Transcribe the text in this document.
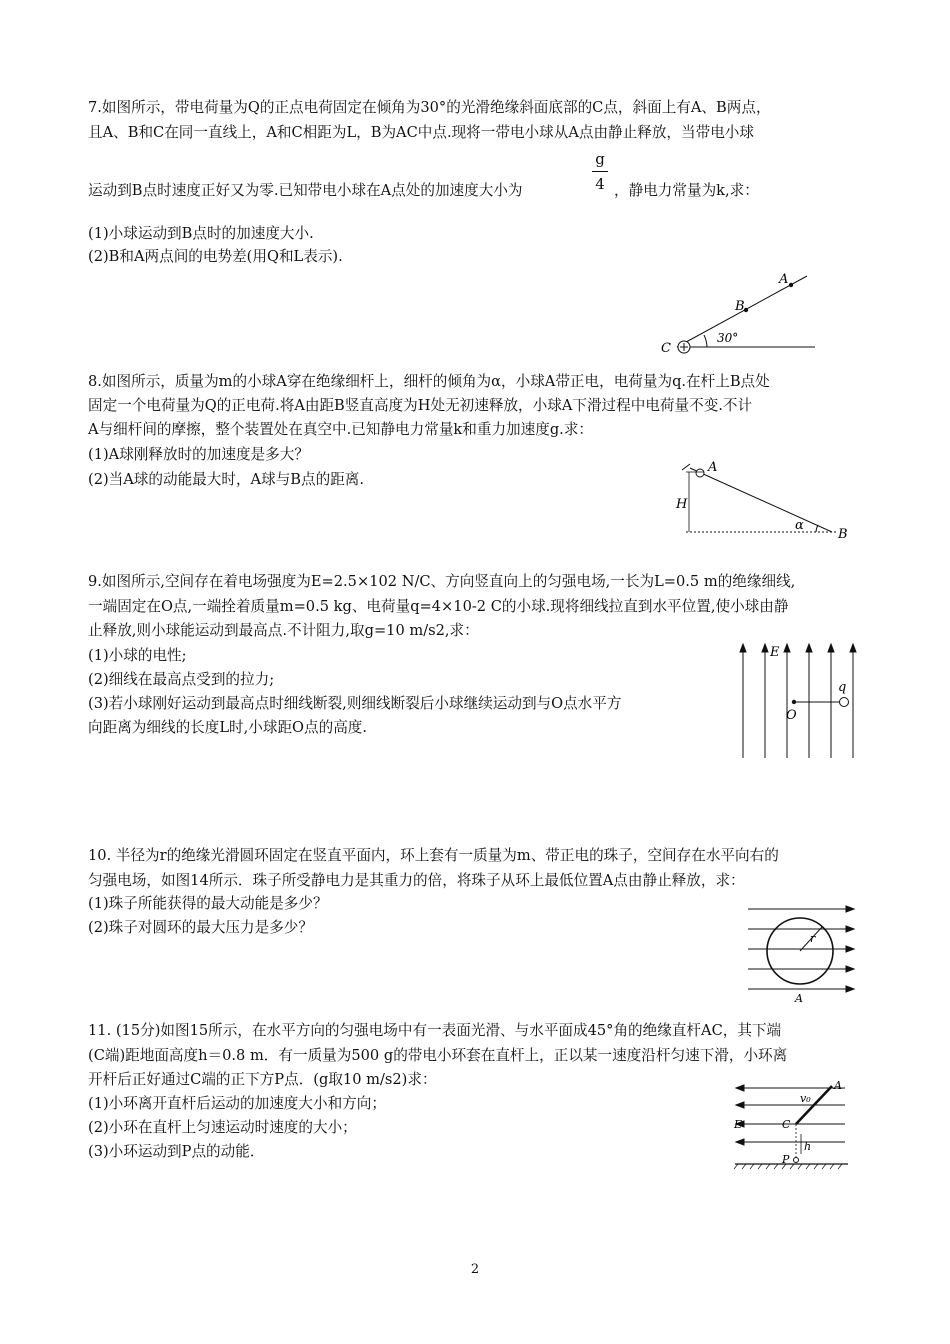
7.如图所示，带电荷量为Q的正点电荷固定在倾角为30°的光滑绝缘斜面底部的C点，斜面上有A、B两点，
且A、B和C在同一直线上，A和C相距为L，B为AC中点.现将一带电小球从A点由静止释放，当带电小球
g
4
运动到B点时速度正好又为零.已知带电小球在A点处的加速度大小为	，静电力常量为k,求：
(1)小球运动到B点时的加速度大小.
(2)B和A两点间的电势差(用Q和L表示).
C
A
B
30°
8.如图所示，质量为m的小球A穿在绝缘细杆上，细杆的倾角为α，小球A带正电，电荷量为q.在杆上B点处
固定一个电荷量为Q的正电荷.将A由距B竖直高度为H处无初速释放，小球A下滑过程中电荷量不变.不计
A与细杆间的摩擦，整个装置处在真空中.已知静电力常量k和重力加速度g.求：
(1)A球刚释放时的加速度是多大？
(2)当A球的动能最大时，A球与B点的距离.
A
H
α
B
9.如图所示,空间存在着电场强度为E=2.5×102 N/C、方向竖直向上的匀强电场,一长为L=0.5 m的绝缘细线,
一端固定在O点,一端拴着质量m=0.5 kg、电荷量q=4×10-2 C的小球.现将细线拉直到水平位置,使小球由静
止释放,则小球能运动到最高点.不计阻力,取g=10 m/s2,求：
(1)小球的电性;
(2)细线在最高点受到的拉力;
(3)若小球刚好运动到最高点时细线断裂,则细线断裂后小球继续运动到与O点水平方
向距离为细线的长度L时,小球距O点的高度.
E
q
O
10. 半径为r的绝缘光滑圆环固定在竖直平面内，环上套有一质量为m、带正电的珠子，空间存在水平向右的
匀强电场，如图14所示．珠子所受静电力是其重力的倍，将珠子从环上最低位置A点由静止释放，求：
(1)珠子所能获得的最大动能是多少？
(2)珠子对圆环的最大压力是多少？
r
A
11. (15分)如图15所示，在水平方向的匀强电场中有一表面光滑、与水平面成45°角的绝缘直杆AC，其下端
(C端)距地面高度h＝0.8 m．有一质量为500 g的带电小环套在直杆上，正以某一速度沿杆匀速下滑，小环离
开杆后正好通过C端的正下方P点．(g取10 m/s2)求：
(1)小环离开直杆后运动的加速度大小和方向；
(2)小环在直杆上匀速运动时速度的大小；
(3)小环运动到P点的动能．
A
v₀
E	C
h
P
2
